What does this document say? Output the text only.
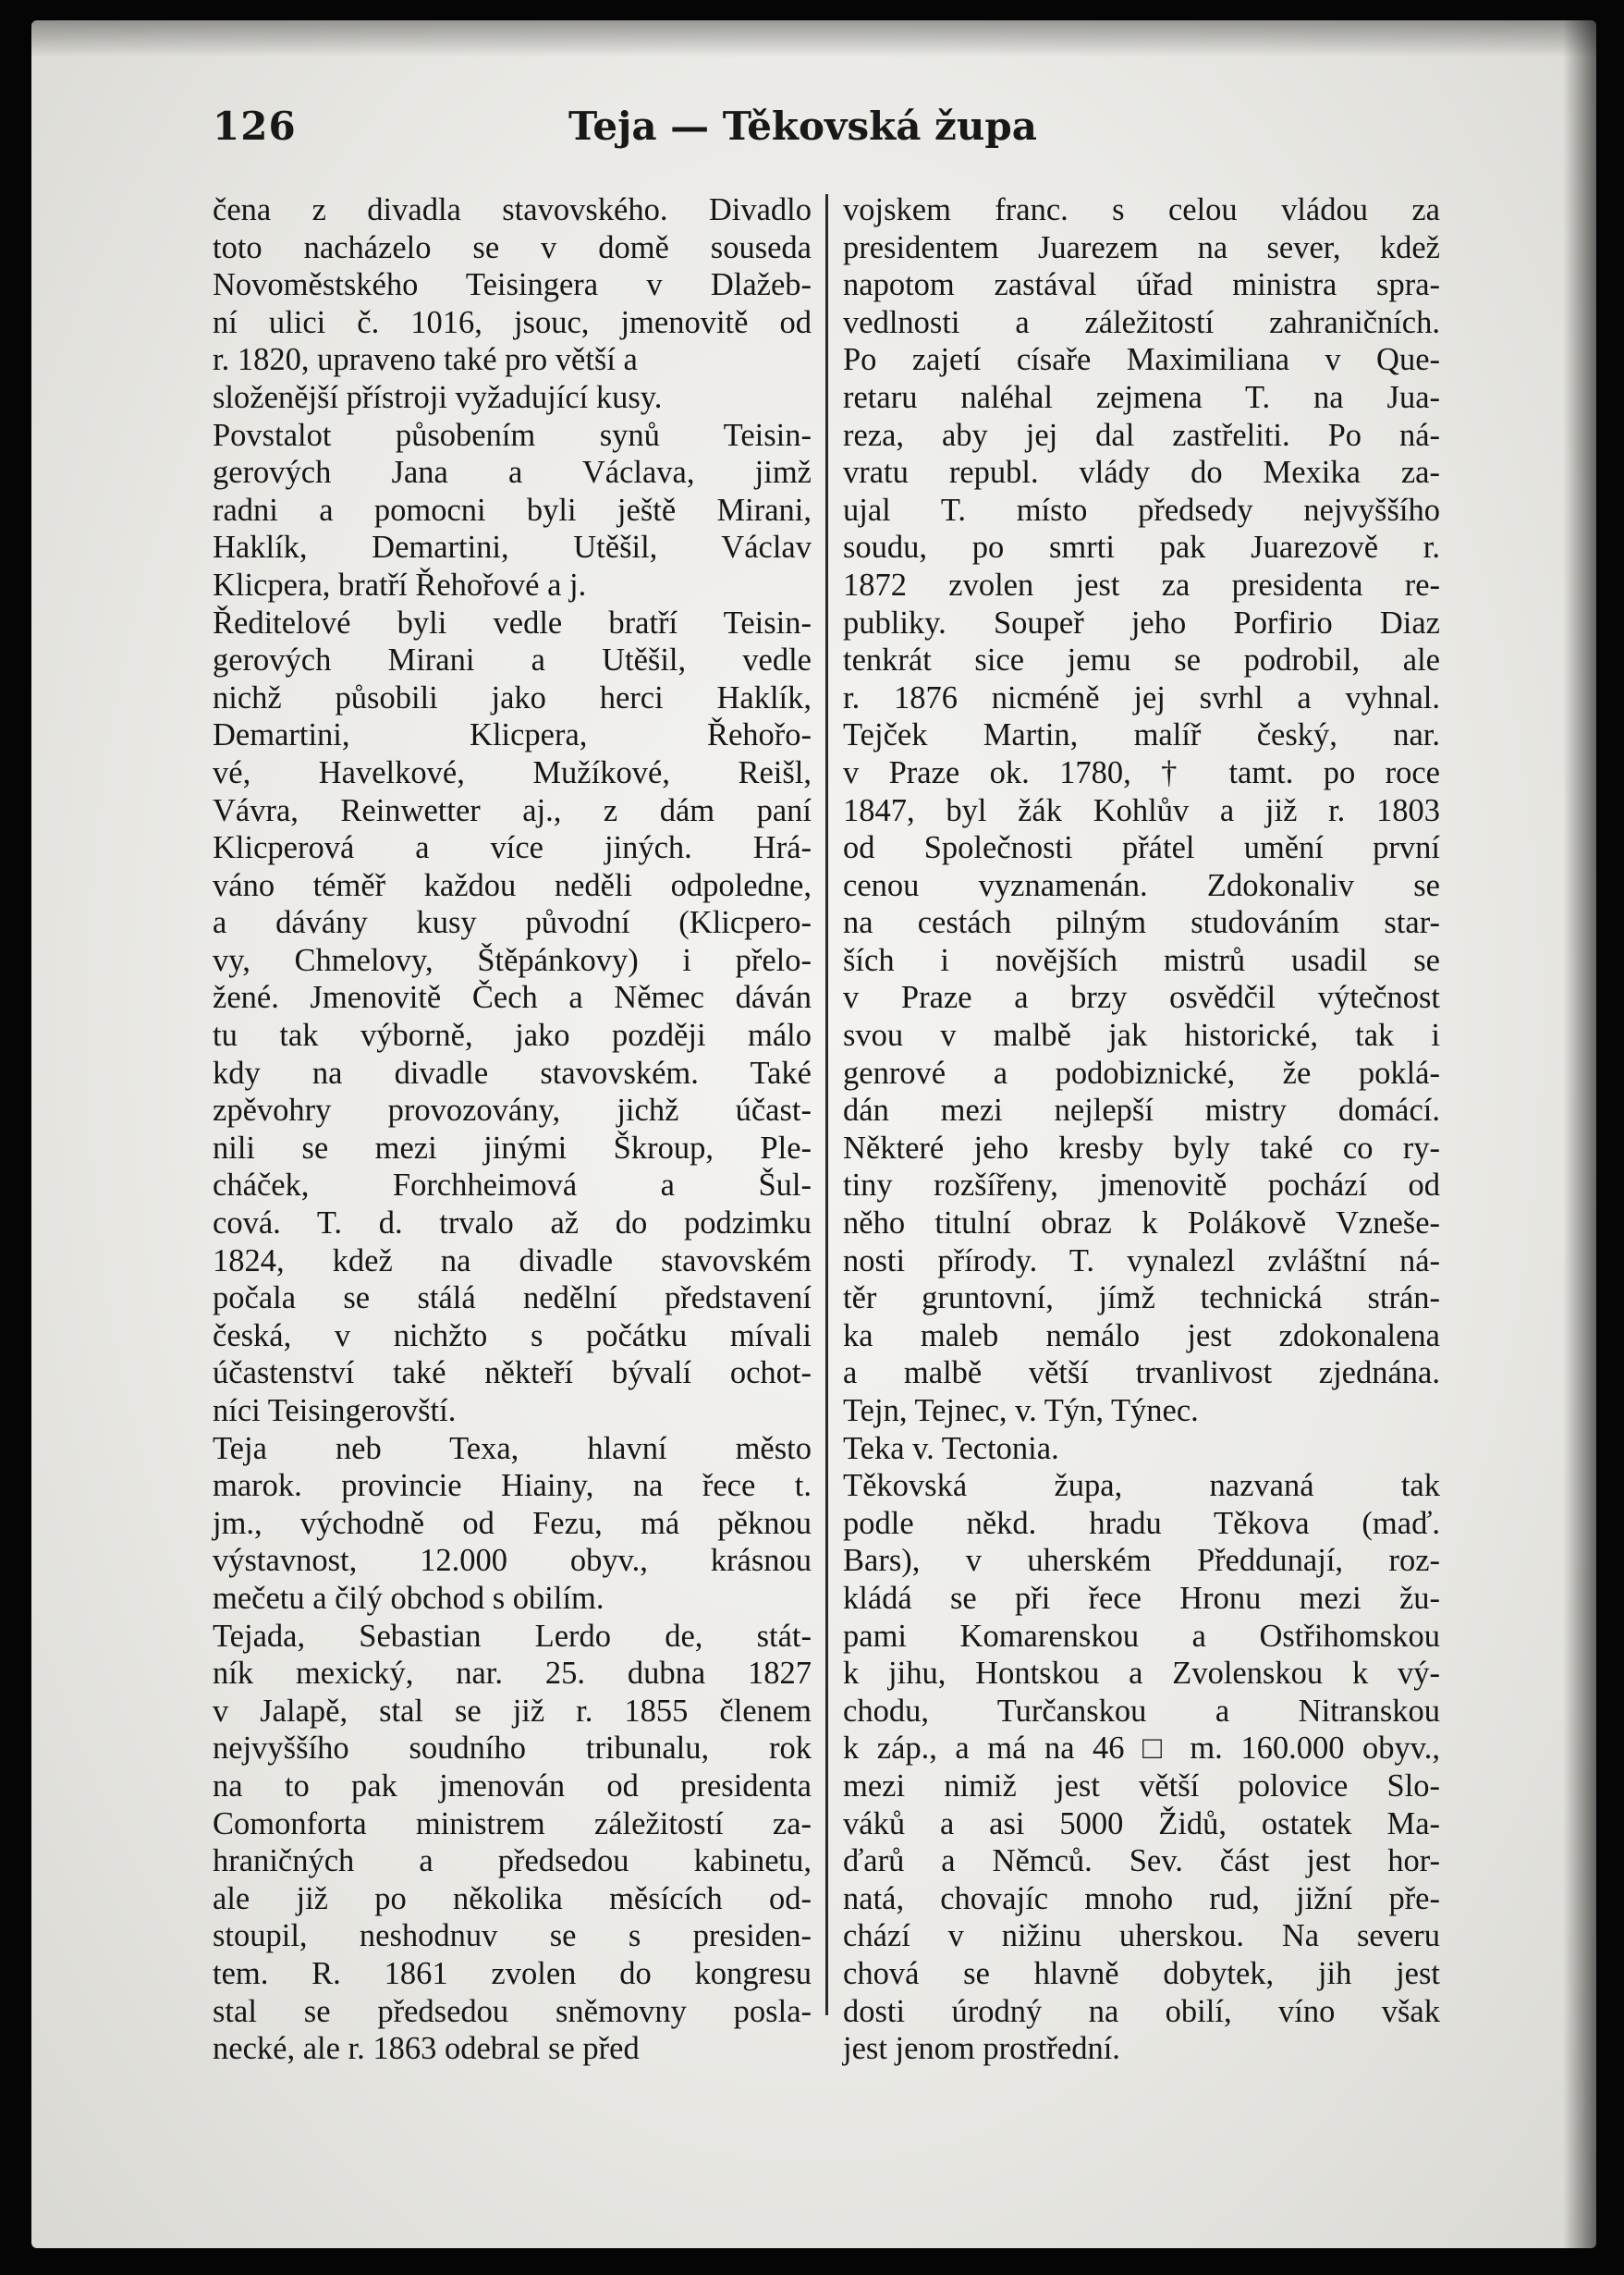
126	Teja — Těkovská župa
čena z divadla stavovského. Divadlo
toto nacházelo se v domě souseda
Novoměstského Teisingera v Dlažeb-
ní ulici č. 1016, jsouc, jmenovitě od
r. 1820, upraveno také pro větší a
složenější přístroji vyžadující kusy.
Povstalot působením synů Teisin-
gerových Jana a Václava, jimž
radni a pomocni byli ještě Mirani,
Haklík, Demartini, Utěšil, Václav
Klicpera, bratří Řehořové a j.
Ředitelové byli vedle bratří Teisin-
gerových Mirani a Utěšil, vedle
nichž působili jako herci Haklík,
Demartini, Klicpera, Řehořo-
vé, Havelkové, Mužíkové, Reišl,
Vávra, Reinwetter aj., z dám paní
Klicperová a více jiných. Hrá-
váno téměř každou neděli odpoledne,
a dávány kusy původní (Klicpero-
vy, Chmelovy, Štěpánkovy) i přelo-
žené. Jmenovitě Čech a Němec dáván
tu tak výborně, jako později málo
kdy na divadle stavovském. Také
zpěvohry provozovány, jichž účast-
nili se mezi jinými Škroup, Ple-
cháček, Forchheimová a Šul-
cová. T. d. trvalo až do podzimku
1824, kdež na divadle stavovském
počala se stálá nedělní představení
česká, v nichžto s počátku mívali
účastenství také někteří bývalí ochot-
níci Teisingerovští.
Teja neb Texa, hlavní město
marok. provincie Hiainy, na řece t.
jm., východně od Fezu, má pěknou
výstavnost, 12.000 obyv., krásnou
mečetu a čilý obchod s obilím.
Tejada, Sebastian Lerdo de, stát-
ník mexický, nar. 25. dubna 1827
v Jalapě, stal se již r. 1855 členem
nejvyššího soudního tribunalu, rok
na to pak jmenován od presidenta
Comonforta ministrem záležitostí za-
hraničných a předsedou kabinetu,
ale již po několika měsících od-
stoupil, neshodnuv se s presiden-
tem. R. 1861 zvolen do kongresu
stal se předsedou sněmovny posla-
necké, ale r. 1863 odebral se před
vojskem franc. s celou vládou za
presidentem Juarezem na sever, kdež
napotom zastával úřad ministra spra-
vedlnosti a záležitostí zahraničních.
Po zajetí císaře Maximiliana v Que-
retaru naléhal zejmena T. na Jua-
reza, aby jej dal zastřeliti. Po ná-
vratu republ. vlády do Mexika za-
ujal T. místo předsedy nejvyššího
soudu, po smrti pak Juarezově r.
1872 zvolen jest za presidenta re-
publiky. Soupeř jeho Porfirio Diaz
tenkrát sice jemu se podrobil, ale
r. 1876 nicméně jej svrhl a vyhnal.
Tejček Martin, malíř český, nar.
v Praze ok. 1780, † tamt. po roce
1847, byl žák Kohlův a již r. 1803
od Společnosti přátel umění první
cenou vyznamenán. Zdokonaliv se
na cestách pilným studováním star-
ších i novějších mistrů usadil se
v Praze a brzy osvědčil výtečnost
svou v malbě jak historické, tak i
genrové a podobiznické, že poklá-
dán mezi nejlepší mistry domácí.
Některé jeho kresby byly také co ry-
tiny rozšířeny, jmenovitě pochází od
něho titulní obraz k Polákově Vzneše-
nosti přírody. T. vynalezl zvláštní ná-
těr gruntovní, jímž technická strán-
ka maleb nemálo jest zdokonalena
a malbě větší trvanlivost zjednána.
Tejn, Tejnec, v. Týn, Týnec.
Teka v. Tectonia.
Těkovská župa, nazvaná tak
podle někd. hradu Těkova (maď.
Bars), v uherském Předdunají, roz-
kládá se při řece Hronu mezi žu-
pami Komarenskou a Ostřihomskou
k jihu, Hontskou a Zvolenskou k vý-
chodu, Turčanskou a Nitranskou
k záp., a má na 46 □ m. 160.000 obyv.,
mezi nimiž jest větší polovice Slo-
váků a asi 5000 Židů, ostatek Ma-
ďarů a Němců. Sev. část jest hor-
natá, chovajíc mnoho rud, jižní pře-
chází v nižinu uherskou. Na severu
chová se hlavně dobytek, jih jest
dosti úrodný na obilí, víno však
jest jenom prostřední.
